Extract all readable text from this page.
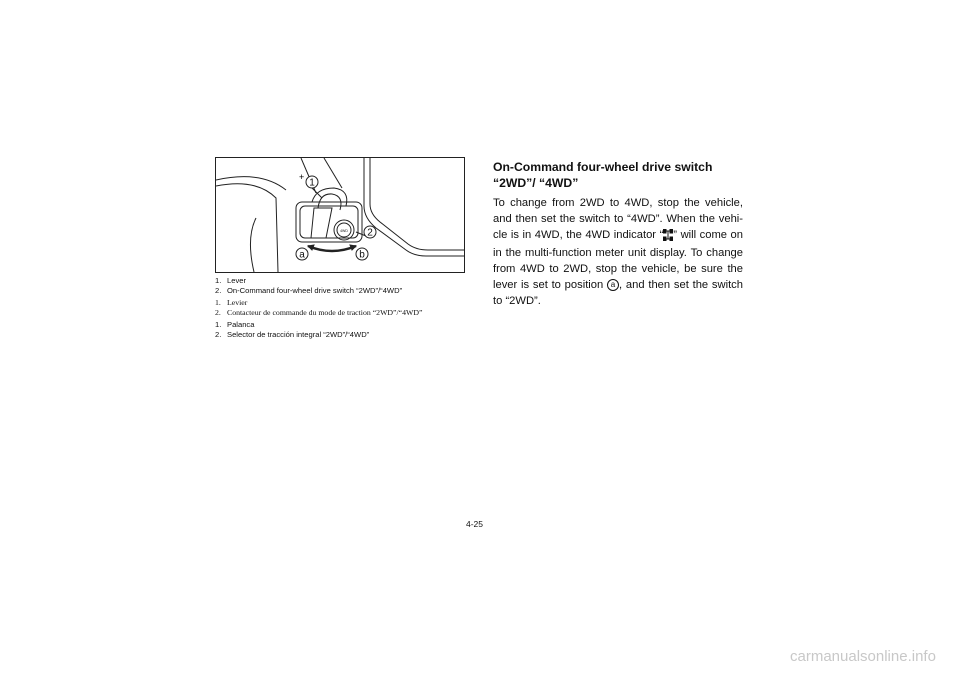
1
2
a	b
4WD
+
1. Lever
2. On-Command four-wheel drive switch “2WD”/“4WD”
1. Levier
2. Contacteur de commande du mode de traction “2WD”/“4WD”
1. Palanca
2. Selector de tracción integral “2WD”/“4WD”
On-Command four-wheel drive switch “2WD”/ “4WD”

To change from 2WD to 4WD, stop the vehicle, and then set the switch to “4WD”. When the vehi- cle is in 4WD, the 4WD indicator “ ” will come on in the multi-function meter unit display. To change from 4WD to 2WD, stop the vehicle, be sure the lever is set to position a , and then set the switch to “2WD”.

4-25
carmanualsonline.info
